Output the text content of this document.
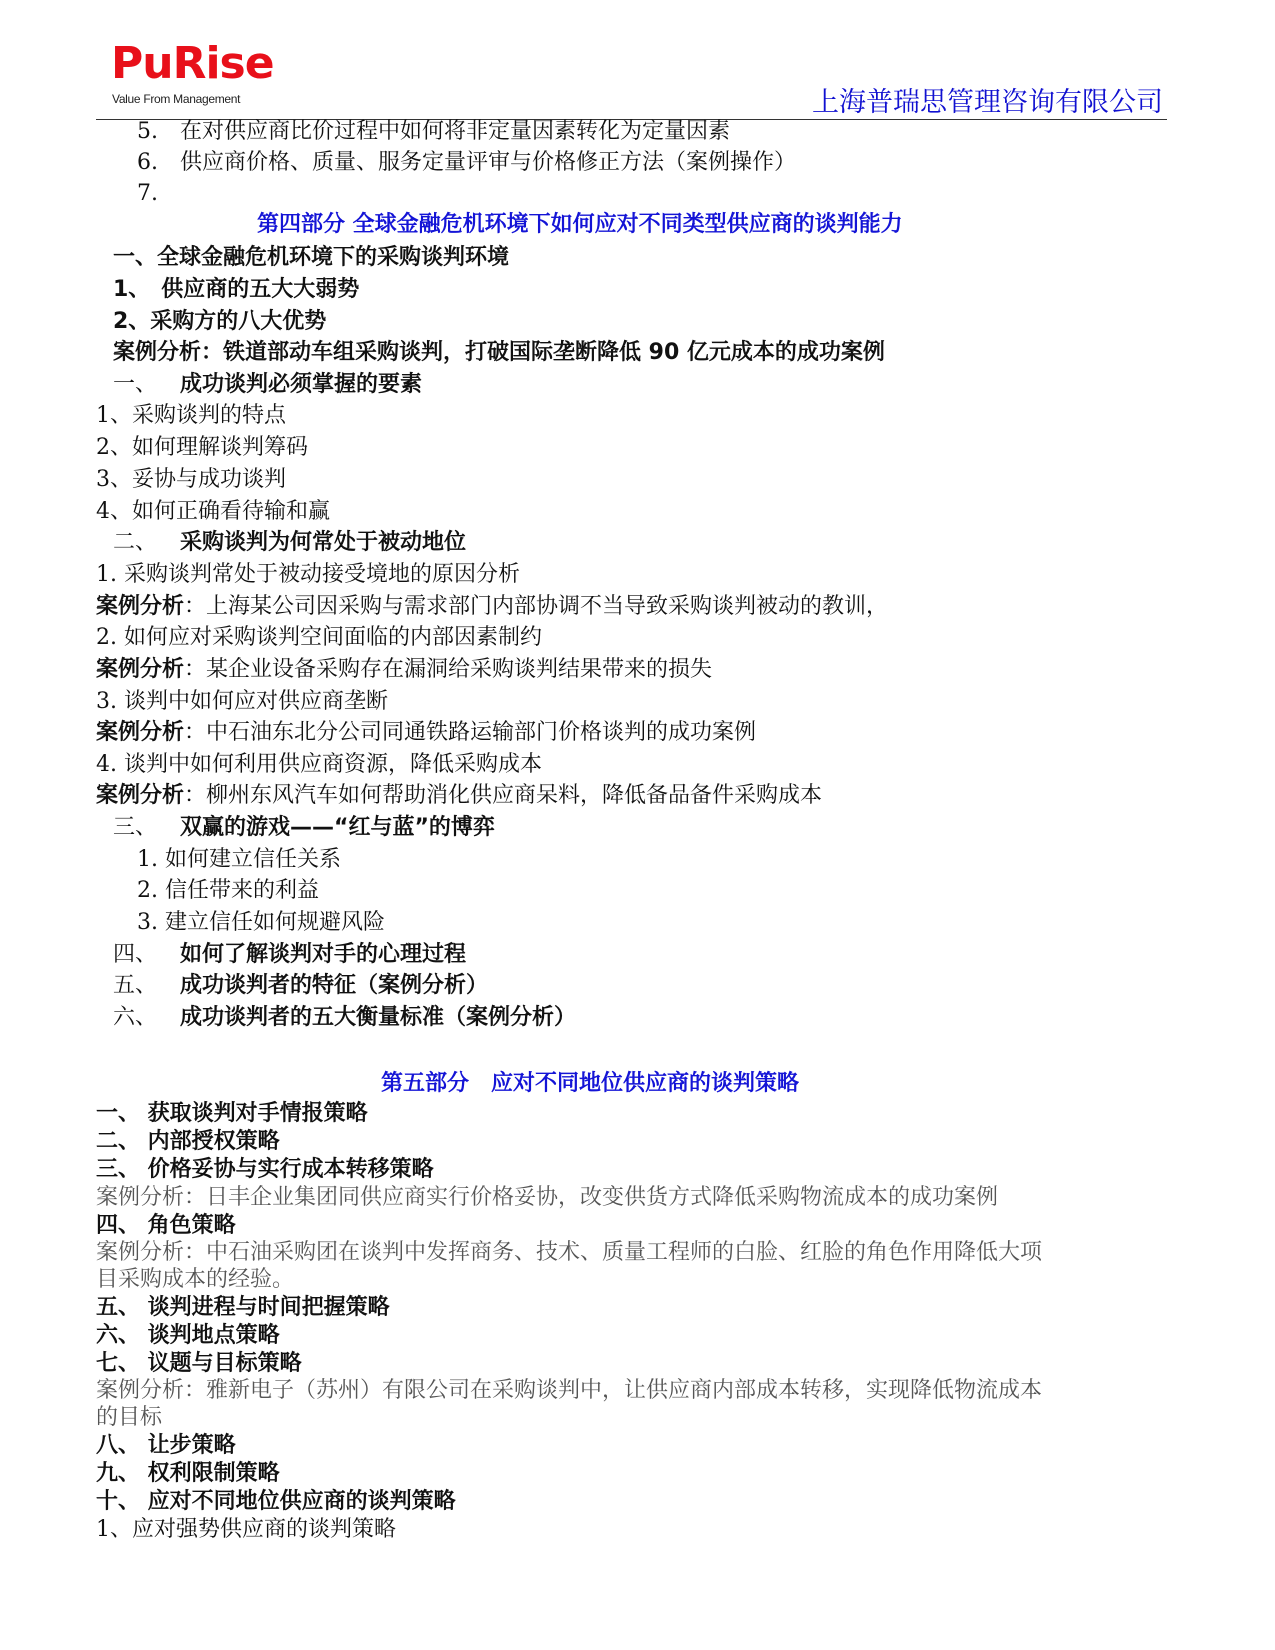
PuRise
Value From Management	上海普瑞思管理咨询有限公司
5.　在对供应商比价过程中如何将非定量因素转化为定量因素
6.　供应商价格、质量、服务定量评审与价格修正方法（案例操作）
7.
第四部分 全球金融危机环境下如何应对不同类型供应商的谈判能力
一、全球金融危机环境下的采购谈判环境
1、　供应商的五大大弱势
2、采购方的八大优势
案例分析：铁道部动车组采购谈判，打破国际垄断降低 90 亿元成本的成功案例
一、 成功谈判必须掌握的要素
1、采购谈判的特点
2、如何理解谈判筹码
3、妥协与成功谈判
4、如何正确看待输和赢
二、 采购谈判为何常处于被动地位
1. 采购谈判常处于被动接受境地的原因分析
案例分析：上海某公司因采购与需求部门内部协调不当导致采购谈判被动的教训，
2. 如何应对采购谈判空间面临的内部因素制约
案例分析：某企业设备采购存在漏洞给采购谈判结果带来的损失
3. 谈判中如何应对供应商垄断
案例分析：中石油东北分公司同通铁路运输部门价格谈判的成功案例
4. 谈判中如何利用供应商资源，降低采购成本
案例分析：柳州东风汽车如何帮助消化供应商呆料，降低备品备件采购成本
三、 双赢的游戏——“红与蓝”的博弈
1. 如何建立信任关系
2. 信任带来的利益
3. 建立信任如何规避风险
四、 如何了解谈判对手的心理过程
五、 成功谈判者的特征（案例分析）
六、 成功谈判者的五大衡量标准（案例分析）
第五部分　应对不同地位供应商的谈判策略
一、 获取谈判对手情报策略
二、 内部授权策略
三、 价格妥协与实行成本转移策略
案例分析：日丰企业集团同供应商实行价格妥协，改变供货方式降低采购物流成本的成功案例
四、 角色策略
案例分析：中石油采购团在谈判中发挥商务、技术、质量工程师的白脸、红脸的角色作用降低大项
目采购成本的经验。
五、 谈判进程与时间把握策略
六、 谈判地点策略
七、 议题与目标策略
案例分析：雅新电子（苏州）有限公司在采购谈判中，让供应商内部成本转移，实现降低物流成本
的目标
八、 让步策略
九、 权利限制策略
十、 应对不同地位供应商的谈判策略
1、应对强势供应商的谈判策略
